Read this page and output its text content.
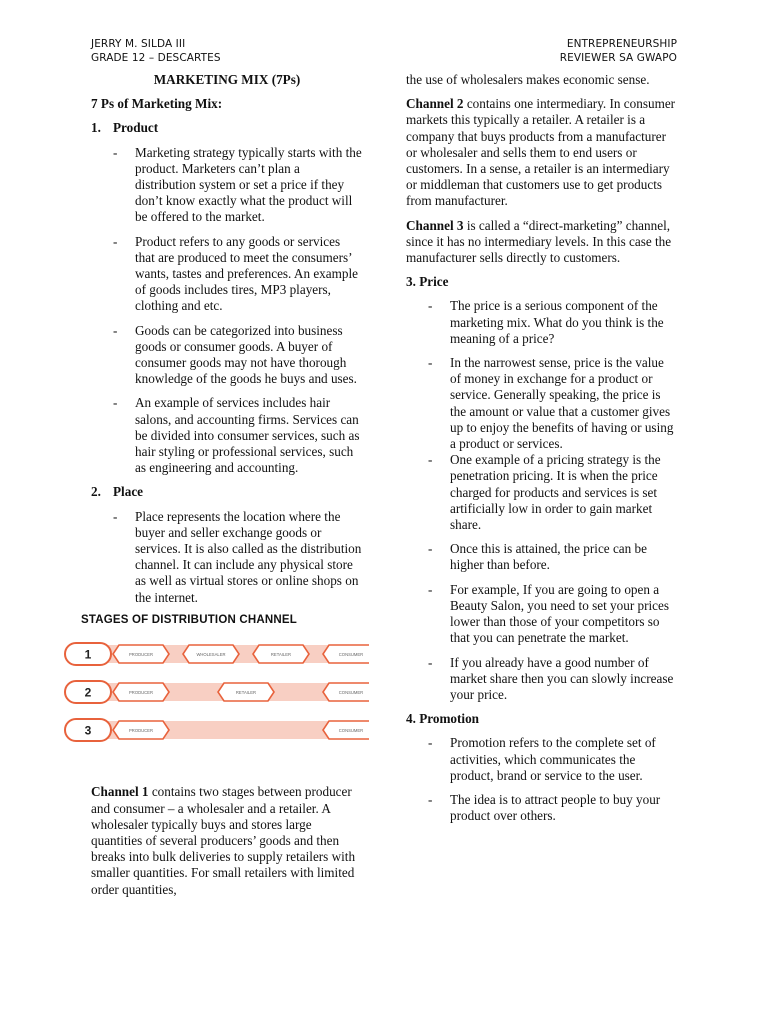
JERRY M. SILDA III
GRADE 12 – DESCARTES
ENTREPRENEURSHIP
REVIEWER SA GWAPO
MARKETING MIX (7Ps)
7 Ps of Marketing Mix:
1. Product
-	Marketing strategy typically starts with the product. Marketers can’t plan a distribution system or set a price if they don’t know exactly what the product will be offered to the market.
-	Product refers to any goods or services that are produced to meet the consumers’ wants, tastes and preferences. An example of goods includes tires, MP3 players, clothing and etc.
-	Goods can be categorized into business goods or consumer goods. A buyer of consumer goods may not have thorough knowledge of the goods he buys and uses.
-	An example of services includes hair salons, and accounting firms. Services can be divided into consumer services, such as hair styling or professional services, such as engineering and accounting.
2. Place
-	Place represents the location where the buyer and seller exchange goods or services. It is also called as the distribution channel. It can include any physical store as well as virtual stores or online shops on the internet.
STAGES OF DISTRIBUTION CHANNEL
1	PRODUCER	WHOLESALER	RETAILER	CONSUMER
2	PRODUCER	RETAILER	CONSUMER
3	PRODUCER	CONSUMER

Channel 1 contains two stages between producer and consumer – a wholesaler and a retailer. A wholesaler typically buys and stores large quantities of several producers’ goods and then breaks into bulk deliveries to supply retailers with smaller quantities. For small retailers with limited order quantities,

the use of wholesalers makes economic sense.

Channel 2 contains one intermediary. In consumer markets this typically a retailer. A retailer is a company that buys products from a manufacturer or wholesaler and sells them to end users or customers. In a sense, a retailer is an intermediary or middleman that customers use to get products from manufacturer.

Channel 3 is called a “direct-marketing” channel, since it has no intermediary levels. In this case the manufacturer sells directly to customers.

3. Price
-	The price is a serious component of the marketing mix. What do you think is the meaning of a price?
-	In the narrowest sense, price is the value of money in exchange for a product or service. Generally speaking, the price is the amount or value that a customer gives up to enjoy the benefits of having or using a product or services.
-	One example of a pricing strategy is the penetration pricing. It is when the price charged for products and services is set artificially low in order to gain market share.
-	Once this is attained, the price can be higher than before.
-	For example, If you are going to open a Beauty Salon, you need to set your prices lower than those of your competitors so that you can penetrate the market.
-	If you already have a good number of market share then you can slowly increase your price.
4. Promotion
-	Promotion refers to the complete set of activities, which communicates the product, brand or service to the user.
-	The idea is to attract people to buy your product over others.
